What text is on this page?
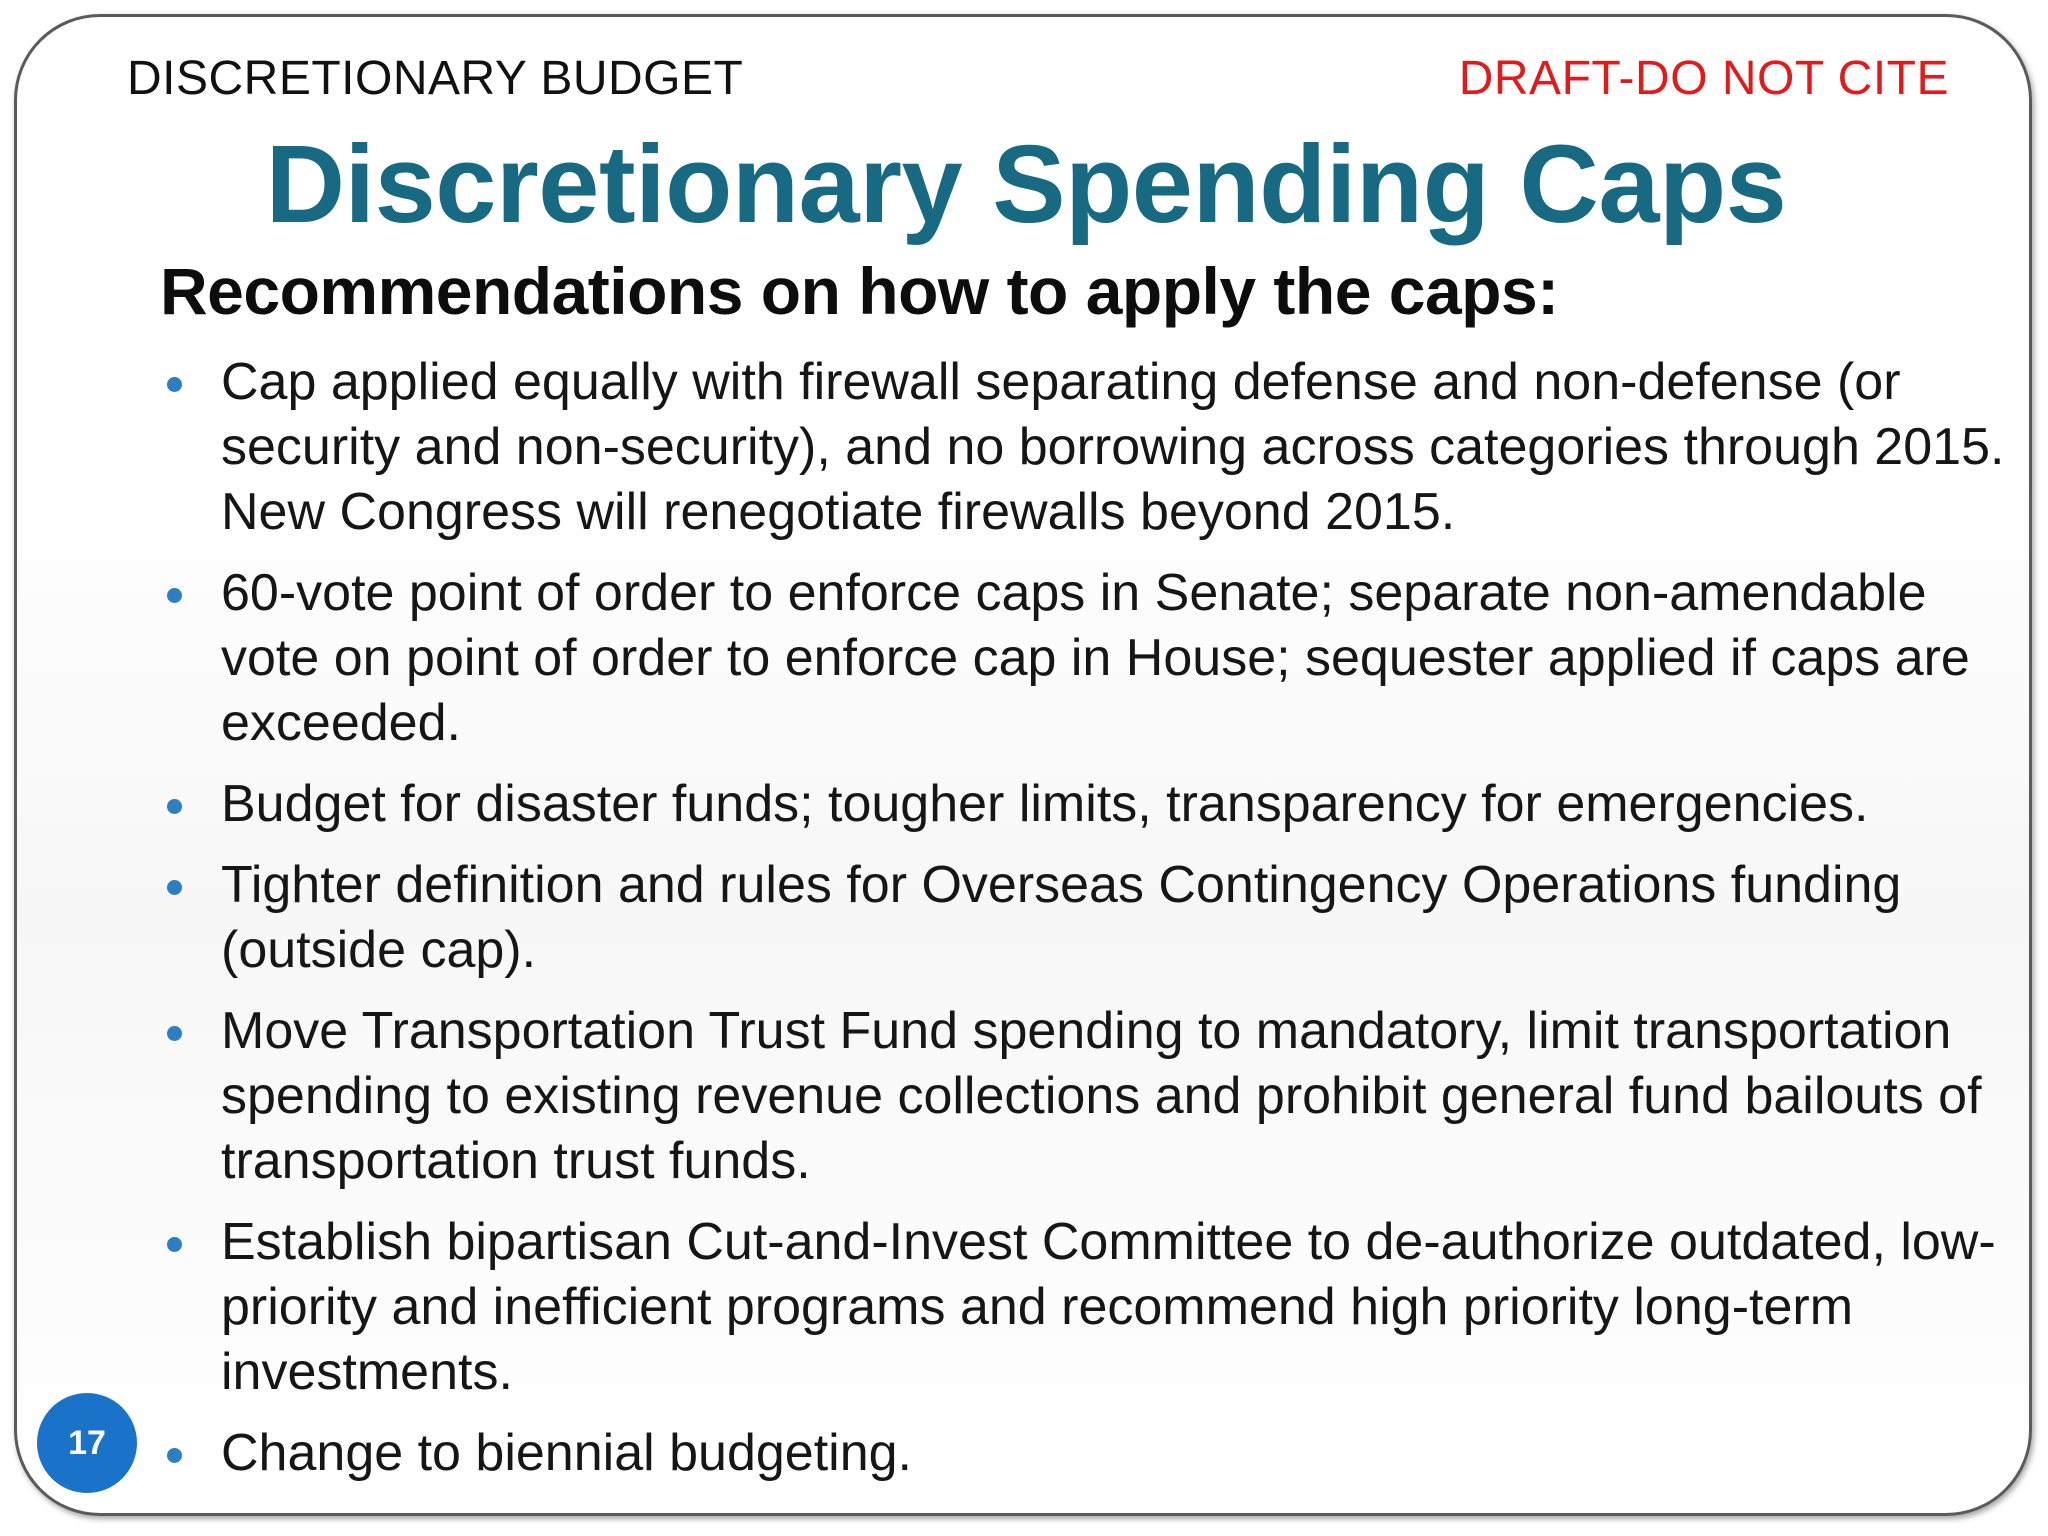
DISCRETIONARY BUDGET	DRAFT-DO NOT CITE
Discretionary Spending Caps
Recommendations on how to apply the caps:
Cap applied equally with firewall separating defense and non-defense (or security and non-security), and no borrowing across categories through 2015. New Congress will renegotiate firewalls beyond 2015.
60-vote point of order to enforce caps in Senate; separate non-amendable vote on point of order to enforce cap in House; sequester applied if caps are exceeded.
Budget for disaster funds; tougher limits, transparency for emergencies.
Tighter definition and rules for Overseas Contingency Operations funding (outside cap).
Move Transportation Trust Fund spending to mandatory, limit transportation spending to existing revenue collections and prohibit general fund bailouts of transportation trust funds.
Establish bipartisan Cut-and-Invest Committee to de-authorize outdated, low-priority and inefficient programs and recommend high priority long-term investments.
Change to biennial budgeting.
17
